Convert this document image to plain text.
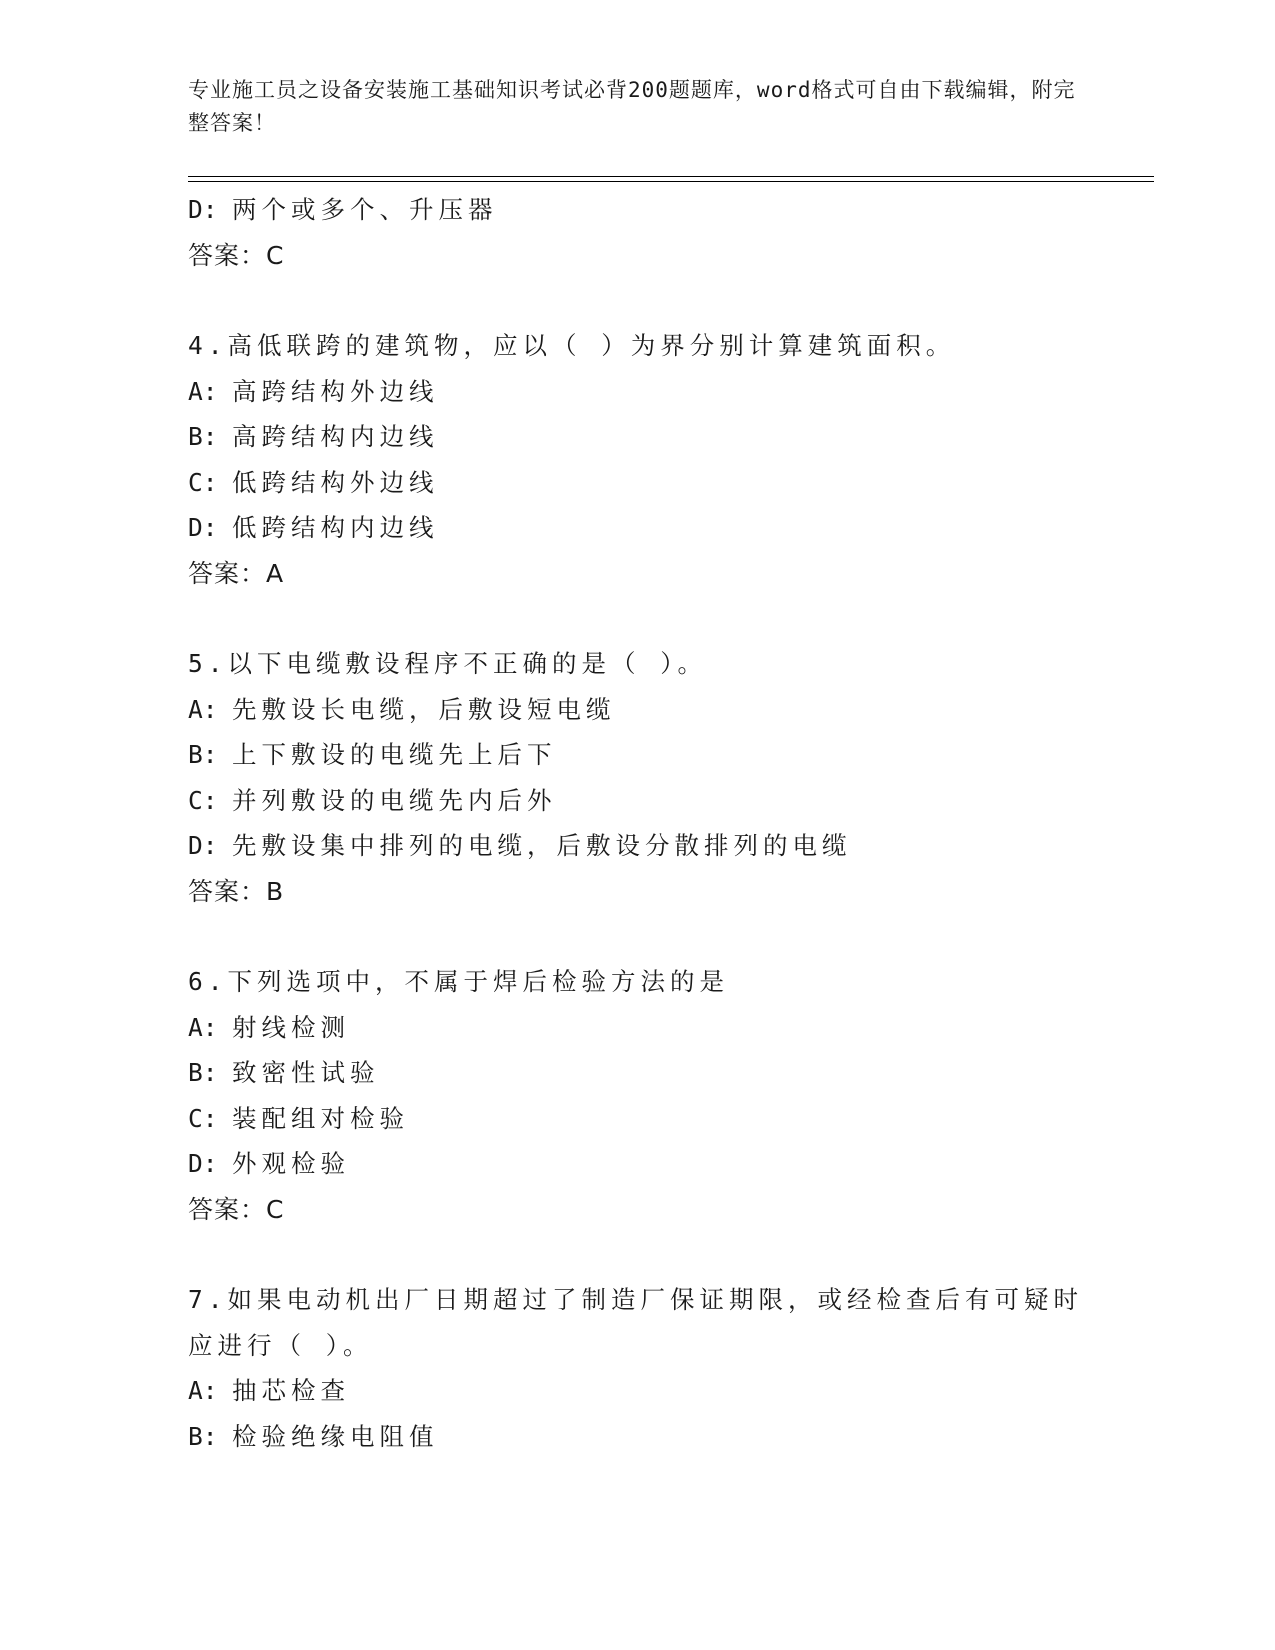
专业施工员之设备安装施工基础知识考试必背200题题库，word格式可自由下载编辑，附完整答案！
D: 两个或多个、升压器
答案：C
4.高低联跨的建筑物，应以（ ）为界分别计算建筑面积。
A: 高跨结构外边线
B: 高跨结构内边线
C: 低跨结构外边线
D: 低跨结构内边线
答案：A
5.以下电缆敷设程序不正确的是（ ）。
A: 先敷设长电缆，后敷设短电缆
B: 上下敷设的电缆先上后下
C: 并列敷设的电缆先内后外
D: 先敷设集中排列的电缆，后敷设分散排列的电缆
答案：B
6.下列选项中，不属于焊后检验方法的是
A: 射线检测
B: 致密性试验
C: 装配组对检验
D: 外观检验
答案：C
7.如果电动机出厂日期超过了制造厂保证期限，或经检查后有可疑时
应进行（ ）。
A: 抽芯检查
B: 检验绝缘电阻值
